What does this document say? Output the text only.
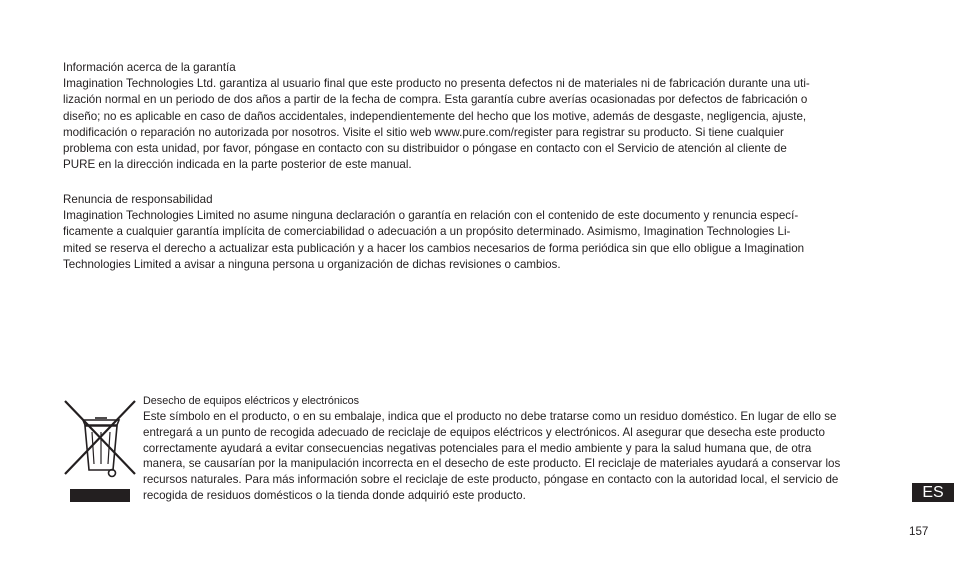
Información acerca de la garantía
Imagination Technologies Ltd. garantiza al usuario final que este producto no presenta defectos ni de materiales ni de fabricación durante una uti-
lización normal en un periodo de dos años a partir de la fecha de compra. Esta garantía cubre averías ocasionadas por defectos de fabricación o
diseño; no es aplicable en caso de daños accidentales, independientemente del hecho que los motive, además de desgaste, negligencia, ajuste,
modificación o reparación no autorizada por nosotros. Visite el sitio web www.pure.com/register para registrar su producto. Si tiene cualquier
problema con esta unidad, por favor, póngase en contacto con su distribuidor o póngase en contacto con el Servicio de atención al cliente de
PURE en la dirección indicada en la parte posterior de este manual.
Renuncia de responsabilidad
Imagination Technologies Limited no asume ninguna declaración o garantía en relación con el contenido de este documento y renuncia especí-
ficamente a cualquier garantía implícita de comerciabilidad o adecuación a un propósito determinado. Asimismo, Imagination Technologies Li-
mited se reserva el derecho a actualizar esta publicación y a hacer los cambios necesarios de forma periódica sin que ello obligue a Imagination
Technologies Limited a avisar a ninguna persona u organización de dichas revisiones o cambios.
Desecho de equipos eléctricos y electrónicos
Este símbolo en el producto, o en su embalaje, indica que el producto no debe tratarse como un residuo doméstico. En lugar de ello se
entregará a un punto de recogida adecuado de reciclaje de equipos eléctricos y electrónicos. Al asegurar que desecha este producto
correctamente ayudará a evitar consecuencias negativas potenciales para el medio ambiente y para la salud humana que, de otra
manera, se causarían por la manipulación incorrecta en el desecho de este producto. El reciclaje de materiales ayudará a conservar los
recursos naturales. Para más información sobre el reciclaje de este producto, póngase en contacto con la autoridad local, el servicio de
recogida de residuos domésticos o la tienda donde adquirió este producto.	ES
157
